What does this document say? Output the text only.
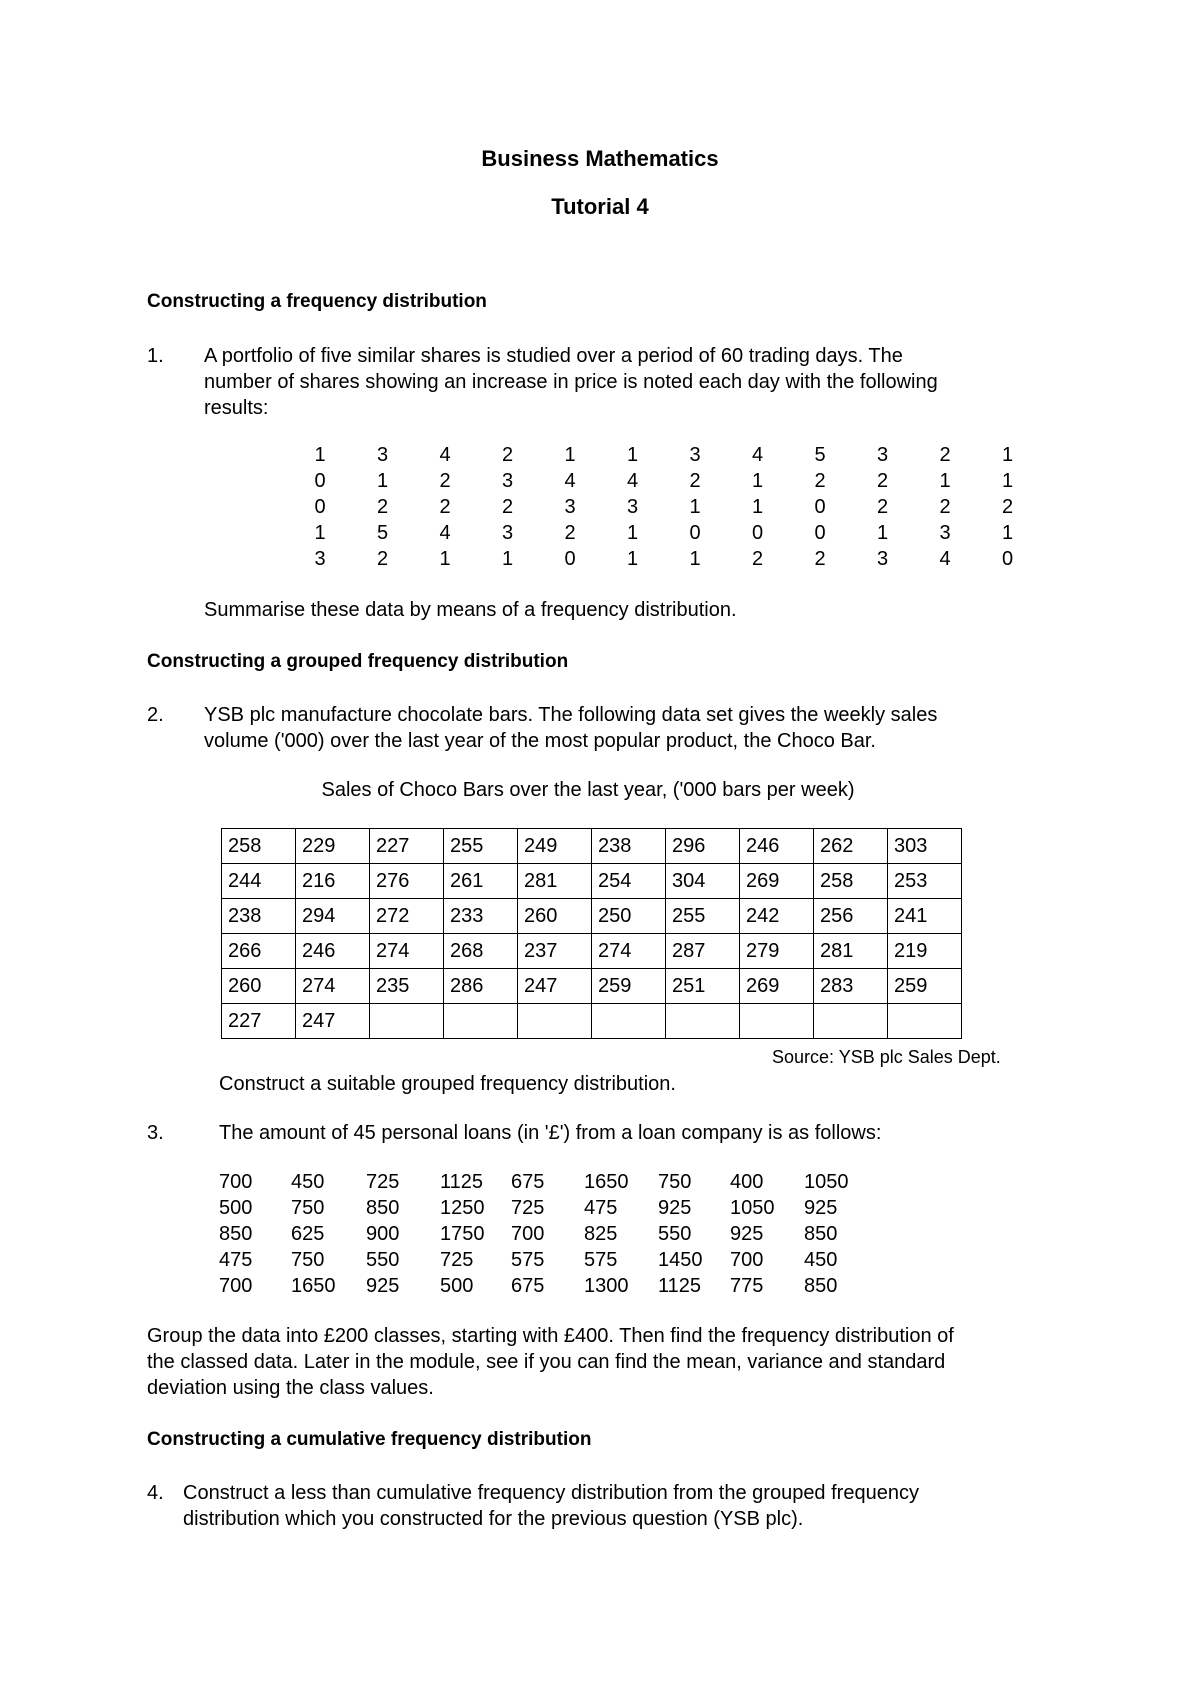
Business Mathematics
Tutorial 4
Constructing a frequency distribution
1. A portfolio of five similar shares is studied over a period of 60 trading days. The
number of shares showing an increase in price is noted each day with the following
results:
1	3	4	2	1	1	3	4	5	3	2	1
0	1	2	3	4	4	2	1	2	2	1	1
0	2	2	2	3	3	1	1	0	2	2	2
1	5	4	3	2	1	0	0	0	1	3	1
3	2	1	1	0	1	1	2	2	3	4	0
Summarise these data by means of a frequency distribution.
Constructing a grouped frequency distribution
2. YSB plc manufacture chocolate bars. The following data set gives the weekly sales
volume ('000) over the last year of the most popular product, the Choco Bar.
Sales of Choco Bars over the last year, ('000 bars per week)
258	229	227	255	249	238	296	246	262	303
244	216	276	261	281	254	304	269	258	253
238	294	272	233	260	250	255	242	256	241
266	246	274	268	237	274	287	279	281	219
260	274	235	286	247	259	251	269	283	259
227	247								
Source: YSB plc Sales Dept.
Construct a suitable grouped frequency distribution.
3.	The amount of 45 personal loans (in '£') from a loan company is as follows:
700 450 725 1125 675 1650 750 400 1050
500 750 850 1250 725 475 925 1050 925
850 625 900 1750 700 825 550 925 850
475 750 550 725 575 575 1450 700 450
700 1650 925 500 675 1300 1125 775 850
Group the data into £200 classes, starting with £400. Then find the frequency distribution of
the classed data. Later in the module, see if you can find the mean, variance and standard
deviation using the class values.
Constructing a cumulative frequency distribution
4. Construct a less than cumulative frequency distribution from the grouped frequency
distribution which you constructed for the previous question (YSB plc).
